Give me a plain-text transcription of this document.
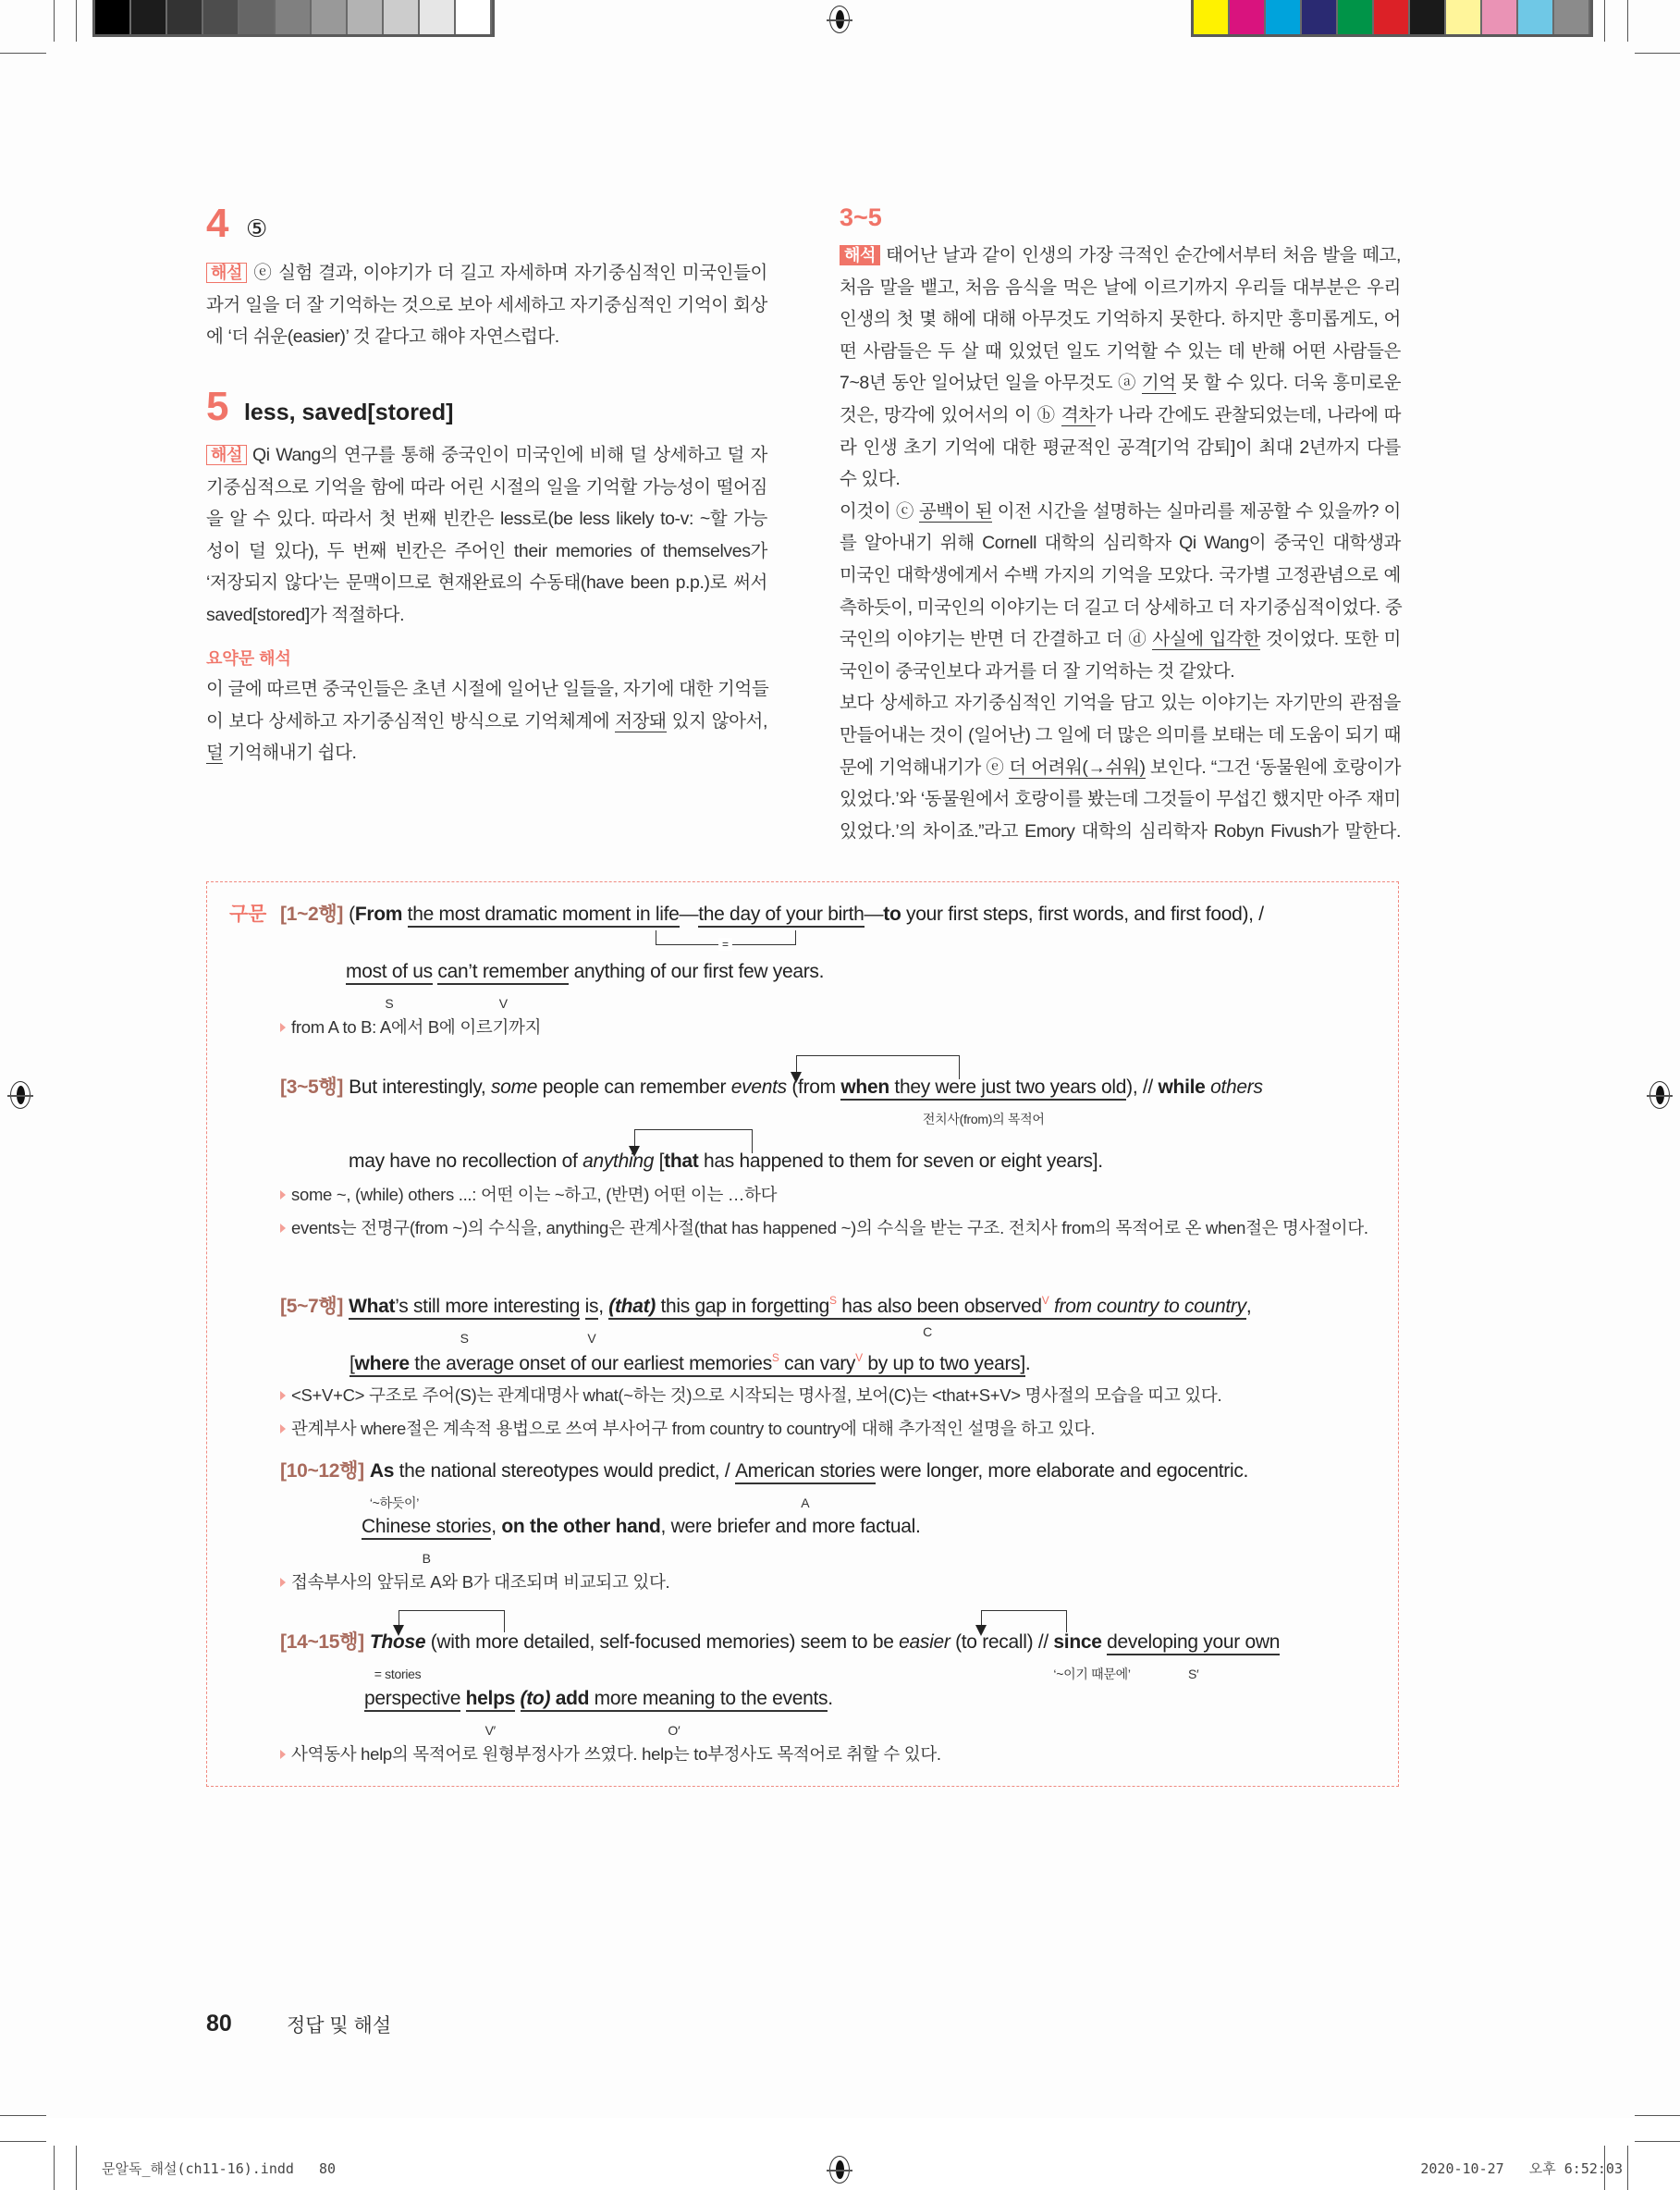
4 ⑤
해설 ⓔ 실험 결과, 이야기가 더 길고 자세하며 자기중심적인 미국인들이
과거 일을 더 잘 기억하는 것으로 보아 세세하고 자기중심적인 기억이 회상
에 ‘더 쉬운(easier)’ 것 같다고 해야 자연스럽다.
5 less, saved[stored]
해설 Qi Wang의 연구를 통해 중국인이 미국인에 비해 덜 상세하고 덜 자
기중심적으로 기억을 함에 따라 어린 시절의 일을 기억할 가능성이 떨어짐
을 알 수 있다. 따라서 첫 번째 빈칸은 less로(be less likely to-v: ~할 가능
성이 덜 있다), 두 번째 빈칸은 주어인 their memories of themselves가
‘저장되지 않다’는 문맥이므로 현재완료의 수동태(have been p.p.)로 써서
saved[stored]가 적절하다.
요약문 해석
이 글에 따르면 중국인들은 초년 시절에 일어난 일들을, 자기에 대한 기억들
이 보다 상세하고 자기중심적인 방식으로 기억체계에 저장돼 있지 않아서,
덜 기억해내기 쉽다.
3~5
해석 태어난 날과 같이 인생의 가장 극적인 순간에서부터 처음 발을 떼고,
처음 말을 뱉고, 처음 음식을 먹은 날에 이르기까지 우리들 대부분은 우리
인생의 첫 몇 해에 대해 아무것도 기억하지 못한다. 하지만 흥미롭게도, 어
떤 사람들은 두 살 때 있었던 일도 기억할 수 있는 데 반해 어떤 사람들은
7~8년 동안 일어났던 일을 아무것도 ⓐ 기억 못 할 수 있다. 더욱 흥미로운
것은, 망각에 있어서의 이 ⓑ 격차가 나라 간에도 관찰되었는데, 나라에 따
라 인생 초기 기억에 대한 평균적인 공격[기억 감퇴]이 최대 2년까지 다를
수 있다.
이것이 ⓒ 공백이 된 이전 시간을 설명하는 실마리를 제공할 수 있을까? 이
를 알아내기 위해 Cornell 대학의 심리학자 Qi Wang이 중국인 대학생과
미국인 대학생에게서 수백 가지의 기억을 모았다. 국가별 고정관념으로 예
측하듯이, 미국인의 이야기는 더 길고 더 상세하고 더 자기중심적이었다. 중
국인의 이야기는 반면 더 간결하고 더 ⓓ 사실에 입각한 것이었다. 또한 미
국인이 중국인보다 과거를 더 잘 기억하는 것 같았다.
보다 상세하고 자기중심적인 기억을 담고 있는 이야기는 자기만의 관점을
만들어내는 것이 (일어난) 그 일에 더 많은 의미를 보태는 데 도움이 되기 때
문에 기억해내기가 ⓔ 더 어려워(→쉬워) 보인다. “그건 ‘동물원에 호랑이가
있었다.’와 ‘동물원에서 호랑이를 봤는데 그것들이 무섭긴 했지만 아주 재미
있었다.’의 차이죠.”라고 Emory 대학의 심리학자 Robyn Fivush가 말한다.
구문
=
[1~2행] (From the most dramatic moment in life—the day of your birth—to your first steps, first words, and first food), /
most of us
S
can’t remember
V
anything of our first few years.
from A to B: A에서 B에 이르기까지
[3~5행] But interestingly, some people can remember events (from when they were just two years old
전치사(from)의 목적어
), // while others
may have no recollection of anything [that has happened to them for seven or eight years].
some ~, (while) others ...: 어떤 이는 ~하고, (반면) 어떤 이는 …하다
events는 전명구(from ~)의 수식을, anything은 관계사절(that has happened ~)의 수식을 받는 구조. 전치사 from의 목적어로 온 when절은 명사절이다.
[5~7행] What’s still more interesting
S
is
V
, (that) this gap in forgetting$^S$ has also been observed$^V$ from country to country
C
,
[where the average onset of our earliest memories$^S$ can vary$^V$ by up to two years].
<S+V+C> 구조로 주어(S)는 관계대명사 what(~하는 것)으로 시작되는 명사절, 보어(C)는 <that+S+V> 명사절의 모습을 띠고 있다.
관계부사 where절은 계속적 용법으로 쓰여 부사어구 from country to country에 대해 추가적인 설명을 하고 있다.
[10~12행] As
‘~하듯이’
the national stereotypes would predict, / American stories
A
were longer, more elaborate and egocentric.
Chinese stories
B
, on the other hand, were briefer and more factual.
접속부사의 앞뒤로 A와 B가 대조되며 비교되고 있다.
[14~15행] Those
= stories
(with more detailed, self-focused memories) seem to be easier (to recall) // since
‘~이기 때문에’
developing your own
S′
perspective helps
V′
(to) add more meaning to the events
O′
.
사역동사 help의 목적어로 원형부정사가 쓰였다. help는 to부정사도 목적어로 취할 수 있다.
80	정답 및 해설
문알독_해설(ch11-16).indd   80	2020-10-27   오후 6:52:03
